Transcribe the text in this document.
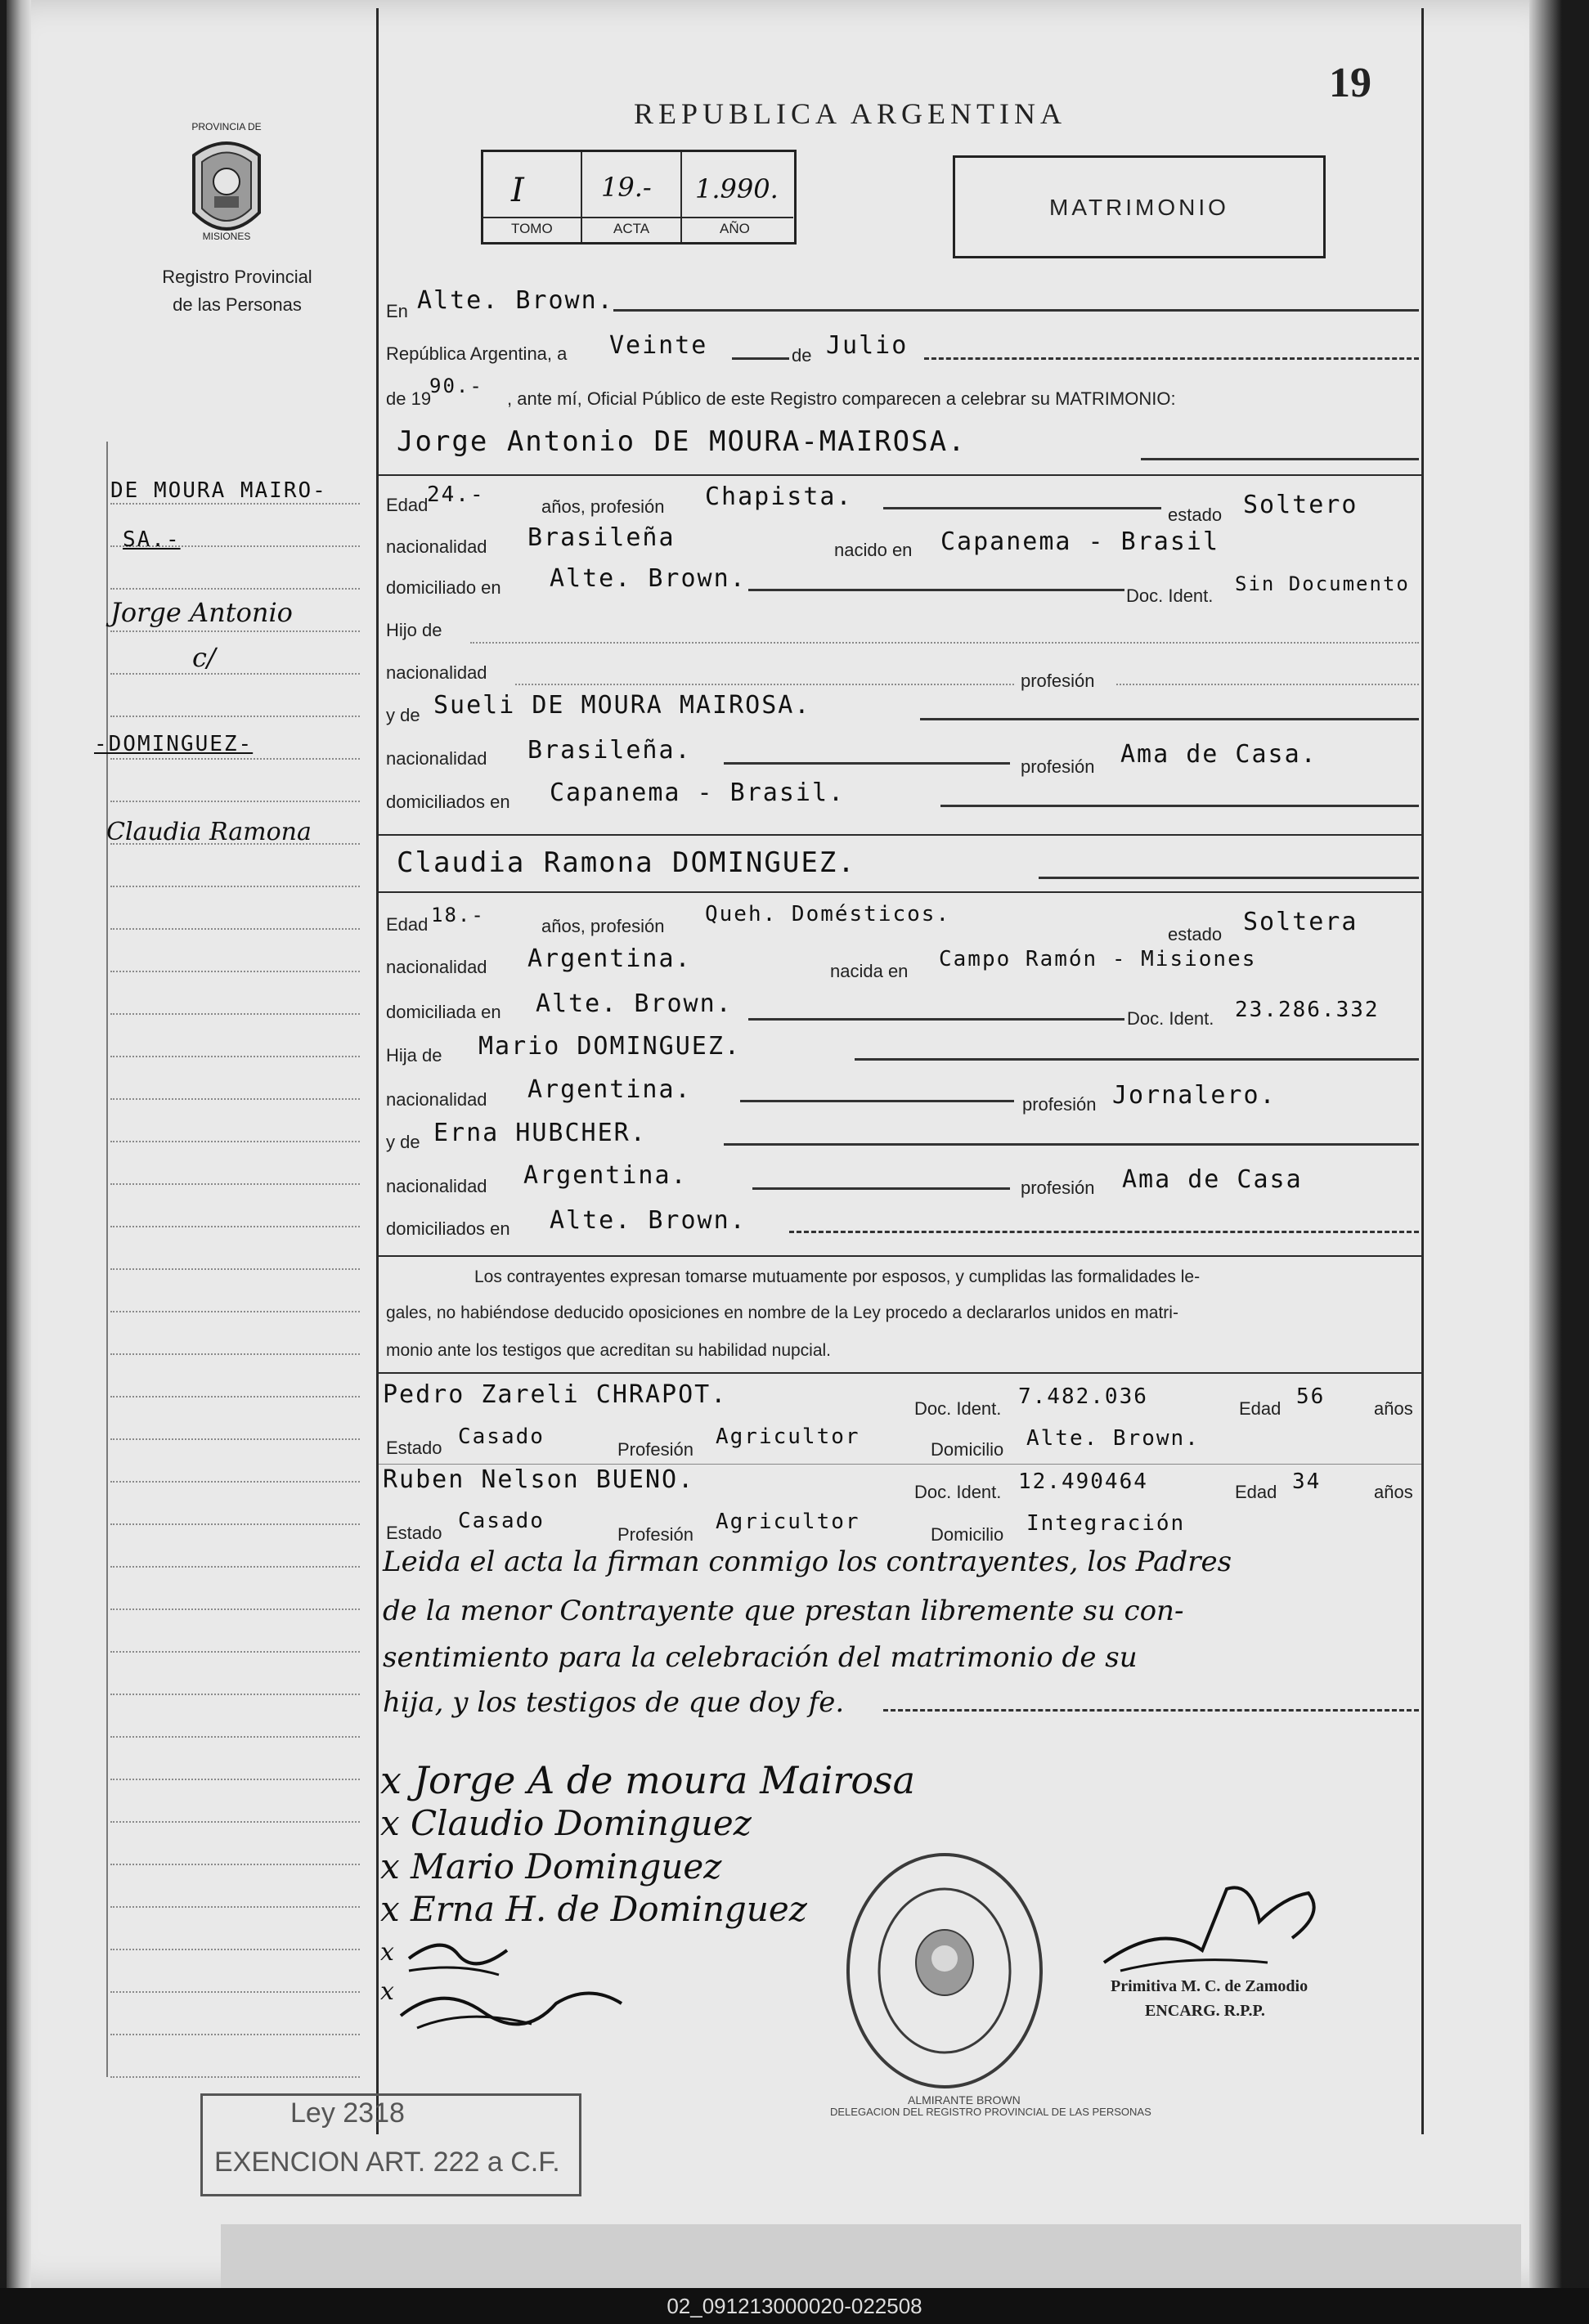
19
REPUBLICA ARGENTINA
PROVINCIA DE
MISIONES
Registro Provincial
de las Personas
I	19.- 1.990.
TOMO	ACTA	AÑO
MATRIMONIO
DE MOURA MAIRO-
SA.-
Jorge Antonio
c/
-DOMINGUEZ-
Claudia Ramona
En Alte. Brown.
República Argentina, a Veinte	de Julio
de 19
90.-
, ante mí, Oficial Público de este Registro comparecen a celebrar su MATRIMONIO:
Jorge Antonio DE MOURA-MAIROSA.
Edad
24.-	años, profesión Chapista.
estado Soltero
nacionalidad Brasileña	nacido en Capanema - Brasil
domiciliado en Alte. Brown.
Doc. Ident.
Sin Documento
Hijo de
nacionalidad	profesión
y de Sueli DE MOURA MAIROSA.
nacionalidad Brasileña.
profesión Ama de Casa.
domiciliados en Capanema - Brasil.
Claudia Ramona DOMINGUEZ.
Edad 18.-	años, profesión Queh. Domésticos.
estado Soltera
nacionalidad Argentina.	nacida en Campo Ramón - Misiones
domiciliada en Alte. Brown.
Doc. Ident. 23.286.332
Hija de Mario DOMINGUEZ.
nacionalidad Argentina.
profesión Jornalero.
y de Erna HUBCHER.
nacionalidad Argentina.	profesión Ama de Casa
domiciliados en Alte. Brown.
Los contrayentes expresan tomarse mutuamente por esposos, y cumplidas las formalidades le-
gales, no habiéndose deducido oposiciones en nombre de la Ley procedo a declararlos unidos en matri-
monio ante los testigos que acreditan su habilidad nupcial.
Pedro Zareli CHRAPOT.	Doc. Ident. 7.482.036	Edad 56	años
Estado Casado
Profesión
Agricultor
Domicilio Alte. Brown.
Ruben Nelson BUENO.	Doc. Ident. 12.490464	Edad 34	años
Estado Casado
Profesión
Agricultor
Domicilio Integración
Leida el acta la firman conmigo los contrayentes, los Padres
de la menor Contrayente que prestan libremente su con-
sentimiento para la celebración del matrimonio de su
hija, y los testigos de que doy fe.
x Jorge A de moura Mairosa
x Claudio Dominguez
x Mario Dominguez
x Erna H. de Dominguez
x
x
ALMIRANTE BROWN
DELEGACION DEL REGISTRO PROVINCIAL DE LAS PERSONAS
Primitiva M. C. de Zamodio
ENCARG. R.P.P.
Ley 2318
EXENCION ART. 222 a C.F.
02_091213000020-022508
